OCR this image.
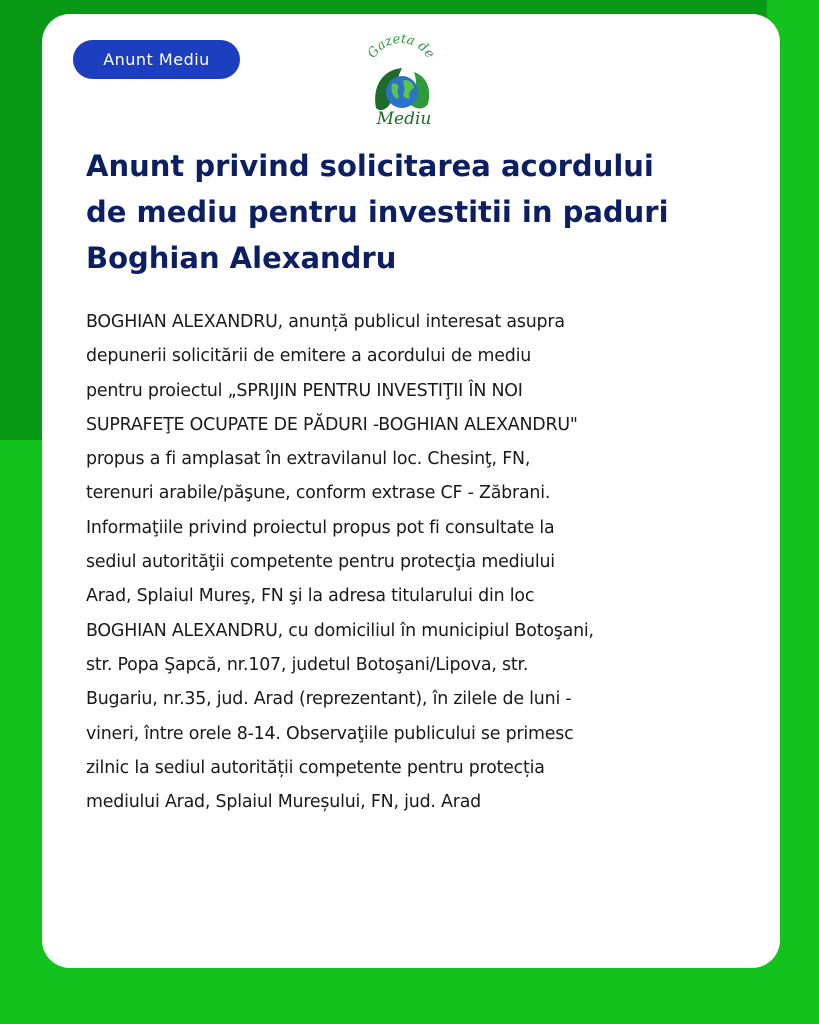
Anunt Mediu	Gazeta de
Mediu
Anunt privind solicitarea acordului
de mediu pentru investitii in paduri
Boghian Alexandru

BOGHIAN ALEXANDRU, anunță publicul interesat asupra
depunerii solicitării de emitere a acordului de mediu
pentru proiectul „SPRIJIN PENTRU INVESTIŢII ÎN NOI
SUPRAFEŢE OCUPATE DE PĂDURI -BOGHIAN ALEXANDRU"
propus a fi amplasat în extravilanul loc. Chesinţ, FN,
terenuri arabile/păşune, conform extrase CF - Zăbrani.
Informaţiile privind proiectul propus pot fi consultate la
sediul autorităţii competente pentru protecţia mediului
Arad, Splaiul Mureş, FN şi la adresa titularului din loc
BOGHIAN ALEXANDRU, cu domiciliul în municipiul Botoşani,
str. Popa Şapcă, nr.107, judetul Botoşani/Lipova, str.
Bugariu, nr.35, jud. Arad (reprezentant), în zilele de luni -
vineri, între orele 8-14. Observaţiile publicului se primesc
zilnic la sediul autorității competente pentru protecția
mediului Arad, Splaiul Mureșului, FN, jud. Arad
